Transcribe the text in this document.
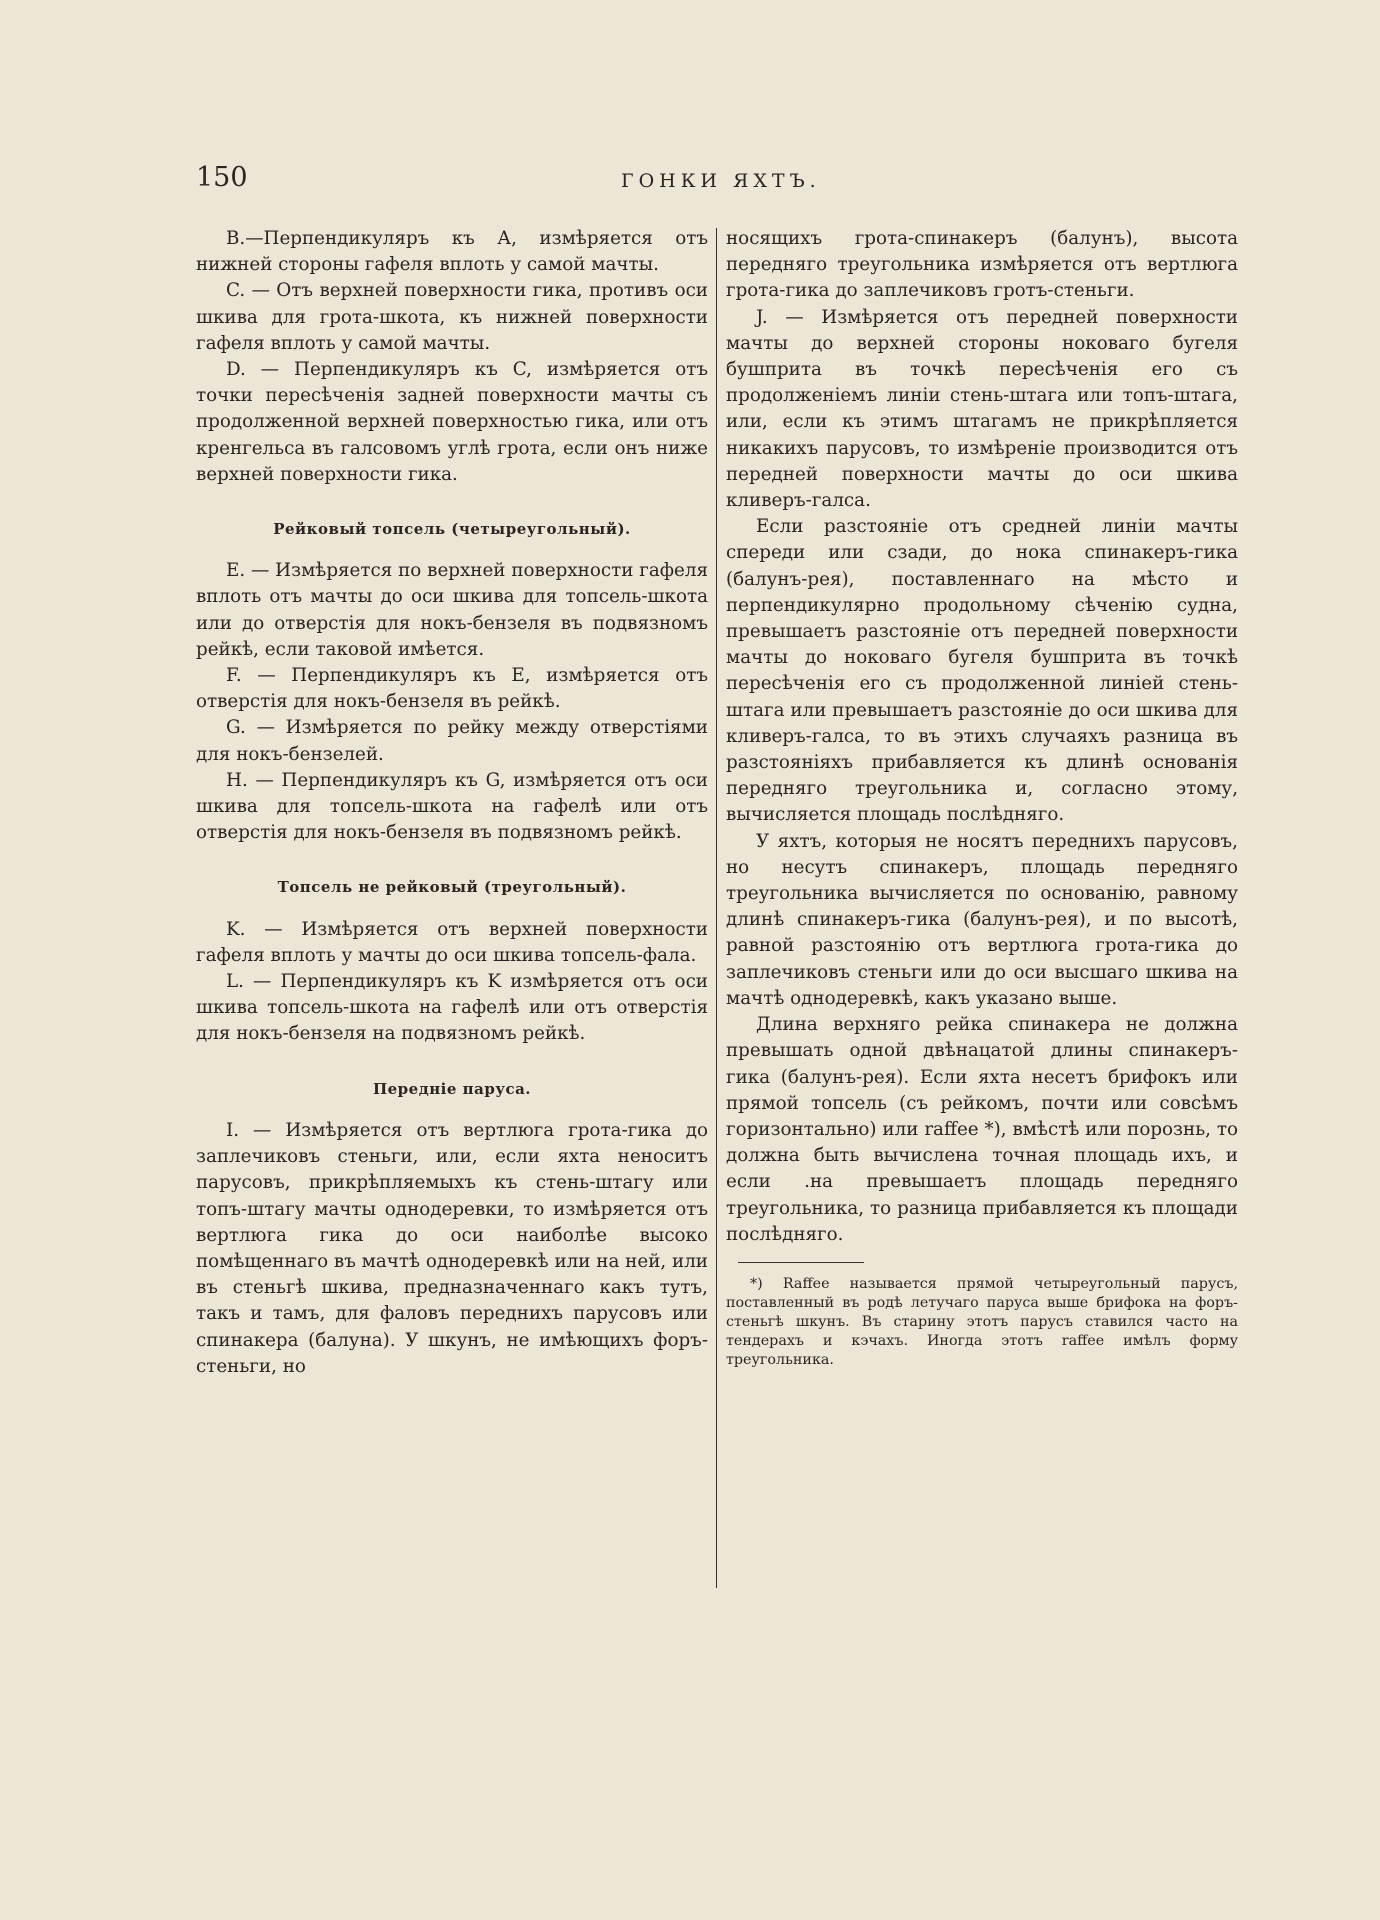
150	ГОНКИ ЯХТЪ.

B.—Перпендикуляръ къ А, измѣряется отъ нижней стороны гафеля вплоть у самой мачты.

C. — Отъ верхней поверхности гика, противъ оси шкива для грота-шкота, къ нижней поверхности гафеля вплоть у самой мачты.

D. — Перпендикуляръ къ C, измѣряется отъ точки пересѣченія задней поверхности мачты съ продолженной верхней поверхностью гика, или отъ кренгельса въ галсовомъ углѣ грота, если онъ ниже верхней поверхности гика.

Рейковый топсель (четыреугольный).

E. — Измѣряется по верхней поверхности гафеля вплоть отъ мачты до оси шкива для топсель-шкота или до отверстія для нокъ-бензеля въ подвязномъ рейкѣ, если таковой имѣется.

F. — Перпендикуляръ къ E, измѣряется отъ отверстія для нокъ-бензеля въ рейкѣ.

G. — Измѣряется по рейку между отверстіями для нокъ-бензелей.

H. — Перпендикуляръ къ G, измѣряется отъ оси шкива для топсель-шкота на гафелѣ или отъ отверстія для нокъ-бензеля въ подвязномъ рейкѣ.

Топсель не рейковый (треугольный).

K. — Измѣряется отъ верхней поверхности гафеля вплоть у мачты до оси шкива топсель-фала.

L. — Перпендикуляръ къ K измѣряется отъ оси шкива топсель-шкота на гафелѣ или отъ отверстія для нокъ-бензеля на подвязномъ рейкѣ.

Передніе паруса.

I. — Измѣряется отъ вертлюга грота-гика до заплечиковъ стеньги, или, если яхта неноситъ парусовъ, прикрѣпляемыхъ къ стень-штагу или топъ-штагу мачты однодеревки, то измѣряется отъ вертлюга гика до оси наиболѣе высоко помѣщеннаго въ мачтѣ однодеревкѣ или на ней, или въ стеньгѣ шкива, предназначеннаго какъ тутъ, такъ и тамъ, для фаловъ переднихъ парусовъ или спинакера (балуна). У шкунъ, не имѣющихъ форъ-стеньги, но

носящихъ грота-спинакеръ (балунъ), высота передняго треугольника измѣряется отъ вертлюга грота-гика до заплечиковъ гротъ-стеньги.

J. — Измѣряется отъ передней поверхности мачты до верхней стороны ноковаго бугеля бушприта въ точкѣ пересѣченія его съ продолженіемъ линіи стень-штага или топъ-штага, или, если къ этимъ штагамъ не прикрѣпляется никакихъ парусовъ, то измѣреніе производится отъ передней поверхности мачты до оси шкива кливеръ-галса.

Если разстояніе отъ средней линіи мачты спереди или сзади, до нока спинакеръ-гика (балунъ-рея), поставленнаго на мѣсто и перпендикулярно продольному сѣченію судна, превышаетъ разстояніе отъ передней поверхности мачты до ноковаго бугеля бушприта въ точкѣ пересѣченія его съ продолженной линіей стень-штага или превышаетъ разстояніе до оси шкива для кливеръ-галса, то въ этихъ случаяхъ разница въ разстояніяхъ прибавляется къ длинѣ основанія передняго треугольника и, согласно этому, вычисляется площадь послѣдняго.

У яхтъ, которыя не носятъ переднихъ парусовъ, но несутъ спинакеръ, площадь передняго треугольника вычисляется по основанію, равному длинѣ спинакеръ-гика (балунъ-рея), и по высотѣ, равной разстоянію отъ вертлюга грота-гика до заплечиковъ стеньги или до оси высшаго шкива на мачтѣ однодеревкѣ, какъ указано выше.

Длина верхняго рейка спинакера не должна превышать одной двѣнацатой длины спинакеръ-гика (балунъ-рея). Если яхта несетъ брифокъ или прямой топсель (съ рейкомъ, почти или совсѣмъ горизонтально) или raffee *), вмѣстѣ или порознь, то должна быть вычислена точная площадь ихъ, и если .на превышаетъ площадь передняго треугольника, то разница прибавляется къ площади послѣдняго.

*) Raffee называется прямой четыреугольный парусъ, поставленный въ родѣ летучаго паруса выше брифока на форъ-стеньгѣ шкунъ. Въ старину этотъ парусъ ставился часто на тендерахъ и кэчахъ. Иногда этотъ raffee имѣлъ форму треугольника.
